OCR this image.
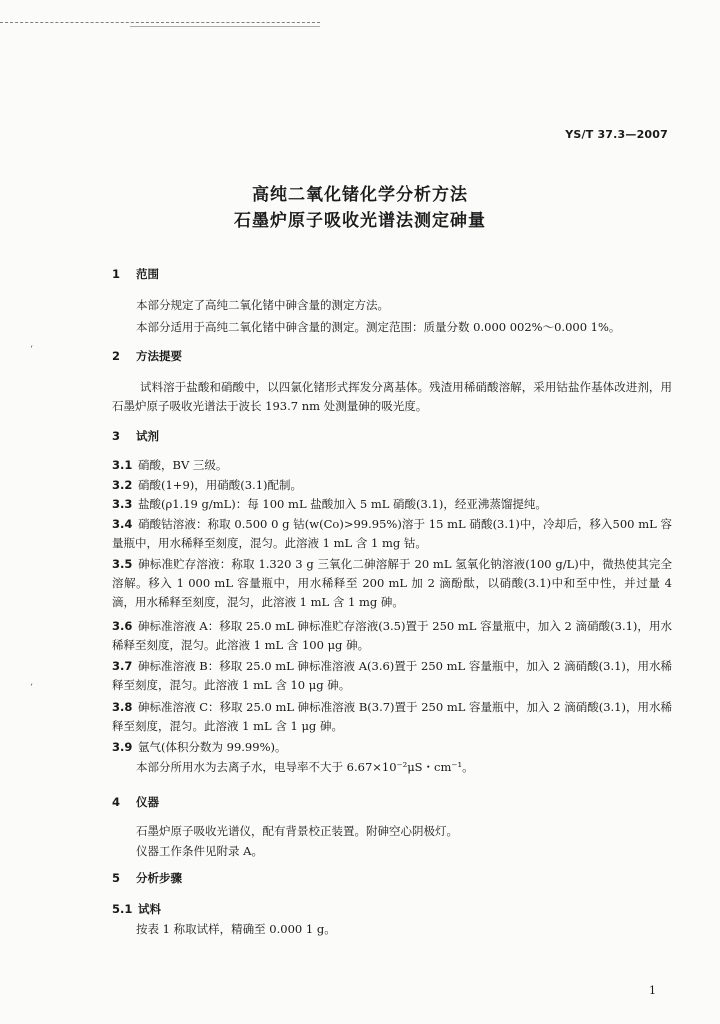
YS/T 37.3—2007
高纯二氧化锗化学分析方法
石墨炉原子吸收光谱法测定砷量
1 范围
本部分规定了高纯二氧化锗中砷含量的测定方法。
本部分适用于高纯二氧化锗中砷含量的测定。测定范围：质量分数 0.000 002%～0.000 1%。
‘	2 方法提要
试料溶于盐酸和硝酸中，以四氯化锗形式挥发分离基体。残渣用稀硝酸溶解，采用钴盐作基体改进剂，用石墨炉原子吸收光谱法于波长 193.7 nm 处测量砷的吸光度。
3 试剂
3.1 硝酸，BV 三级。
3.2 硝酸(1+9)，用硝酸(3.1)配制。
3.3 盐酸(ρ1.19 g/mL)：每 100 mL 盐酸加入 5 mL 硝酸(3.1)，经亚沸蒸馏提纯。
3.4 硝酸钴溶液：称取 0.500 0 g 钴(w(Co)>99.95%)溶于 15 mL 硝酸(3.1)中，冷却后，移入500 mL 容量瓶中，用水稀释至刻度，混匀。此溶液 1 mL 含 1 mg 钴。
3.5 砷标准贮存溶液：称取 1.320 3 g 三氧化二砷溶解于 20 mL 氢氧化钠溶液(100 g/L)中，微热使其完全溶解。移入 1 000 mL 容量瓶中，用水稀释至 200 mL 加 2 滴酚酞，以硝酸(3.1)中和至中性，并过量 4 滴，用水稀释至刻度，混匀，此溶液 1 mL 含 1 mg 砷。
3.6 砷标准溶液 A：移取 25.0 mL 砷标准贮存溶液(3.5)置于 250 mL 容量瓶中，加入 2 滴硝酸(3.1)，用水稀释至刻度，混匀。此溶液 1 mL 含 100 μg 砷。
‘
3.7 砷标准溶液 B：移取 25.0 mL 砷标准溶液 A(3.6)置于 250 mL 容量瓶中，加入 2 滴硝酸(3.1)，用水稀释至刻度，混匀。此溶液 1 mL 含 10 μg 砷。
3.8 砷标准溶液 C：移取 25.0 mL 砷标准溶液 B(3.7)置于 250 mL 容量瓶中，加入 2 滴硝酸(3.1)，用水稀释至刻度，混匀。此溶液 1 mL 含 1 μg 砷。
3.9 氩气(体积分数为 99.99%)。
本部分所用水为去离子水，电导率不大于 6.67×10⁻²μS・cm⁻¹。
4 仪器
石墨炉原子吸收光谱仪，配有背景校正装置。附砷空心阴极灯。
仪器工作条件见附录 A。
5 分析步骤
5.1 试料
按表 1 称取试样，精确至 0.000 1 g。
1
